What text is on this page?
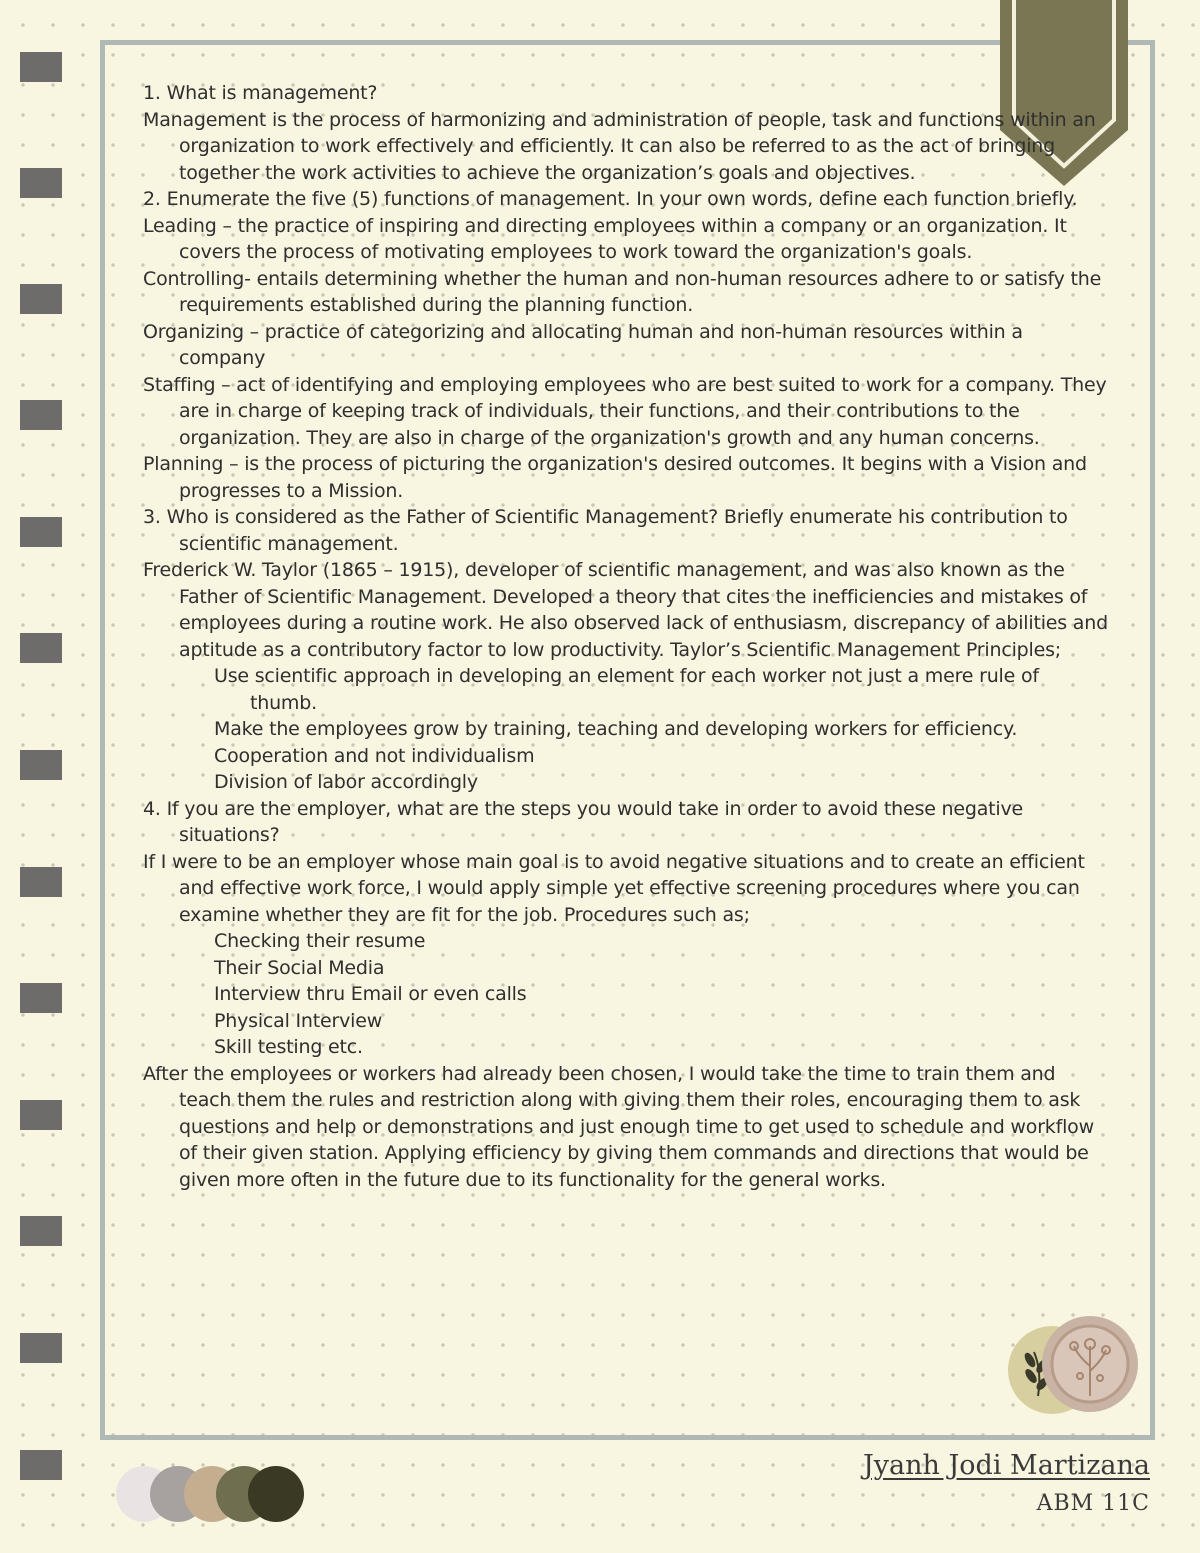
1. What is management?

Management is the process of harmonizing and administration of people, task and functions within an organization to work effectively and efficiently. It can also be referred to as the act of bringing together the work activities to achieve the organization’s goals and objectives.

2. Enumerate the five (5) functions of management. In your own words, define each function briefly.

Leading – the practice of inspiring and directing employees within a company or an organization. It covers the process of motivating employees to work toward the organization's goals.

Controlling- entails determining whether the human and non-human resources adhere to or satisfy the requirements established during the planning function.

Organizing – practice of categorizing and allocating human and non-human resources within a company

Staffing – act of identifying and employing employees who are best suited to work for a company. They are in charge of keeping track of individuals, their functions, and their contributions to the organization. They are also in charge of the organization's growth and any human concerns.

Planning – is the process of picturing the organization's desired outcomes. It begins with a Vision and progresses to a Mission.

3. Who is considered as the Father of Scientific Management? Briefly enumerate his contribution to scientific management.

Frederick W. Taylor (1865 – 1915), developer of scientific management, and was also known as the Father of Scientific Management. Developed a theory that cites the inefficiencies and mistakes of employees during a routine work. He also observed lack of enthusiasm, discrepancy of abilities and aptitude as a contributory factor to low productivity. Taylor’s Scientific Management Principles;

Use scientific approach in developing an element for each worker not just a mere rule of thumb.

Make the employees grow by training, teaching and developing workers for efficiency.

Cooperation and not individualism

Division of labor accordingly

4. If you are the employer, what are the steps you would take in order to avoid these negative situations?

If I were to be an employer whose main goal is to avoid negative situations and to create an efficient and effective work force, I would apply simple yet effective screening procedures where you can examine whether they are fit for the job. Procedures such as;

Checking their resume

Their Social Media

Interview thru Email or even calls

Physical Interview

Skill testing etc.

After the employees or workers had already been chosen, I would take the time to train them and teach them the rules and restriction along with giving them their roles, encouraging them to ask questions and help or demonstrations and just enough time to get used to schedule and workflow of their given station. Applying efficiency by giving them commands and directions that would be given more often in the future due to its functionality for the general works.

Jyanh Jodi Martizana
ABM 11C
